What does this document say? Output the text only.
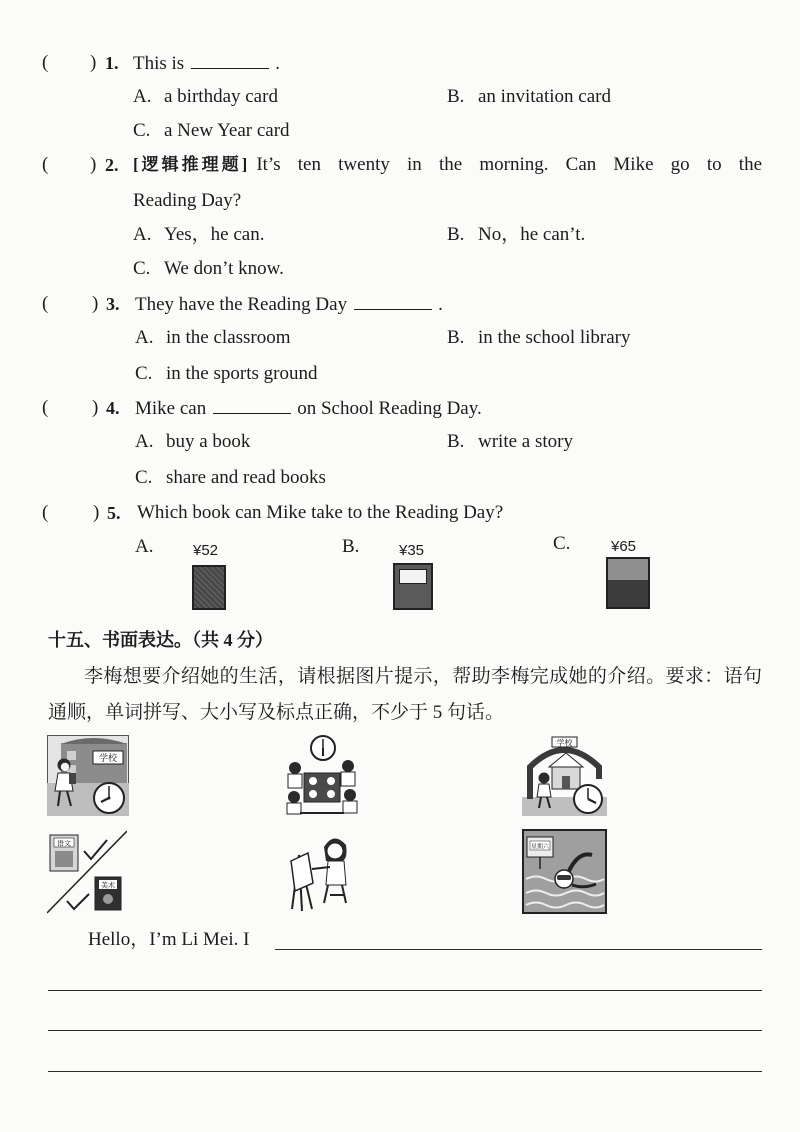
( ) 1. This is	.
A. a birthday card	B. an invitation card
C. a New Year card
( ) 2. [逻辑推理题] It’s ten twenty in the morning. Can Mike go to the
Reading Day?
A. Yes，he can.	B. No，he can’t.
C. We don’t know.
( ) 3. They have the Reading Day	.
A. in the classroom	B. in the school library
C. in the sports ground
( ) 4. Mike can	on School Reading Day.
A. buy a book	B. write a story
C. share and read books
( ) 5. Which book can Mike take to the Reading Day?
A.	¥52	B.	¥35	C.	¥65
十五、书面表达。（共 4 分）
李梅想要介绍她的生活，请根据图片提示，帮助李梅完成她的介绍。要求：语句
通顺，单词拼写、大小写及标点正确，不少于 5 句话。
学校
学校
语文
美术
星期六
Hello，I’m Li Mei. I
